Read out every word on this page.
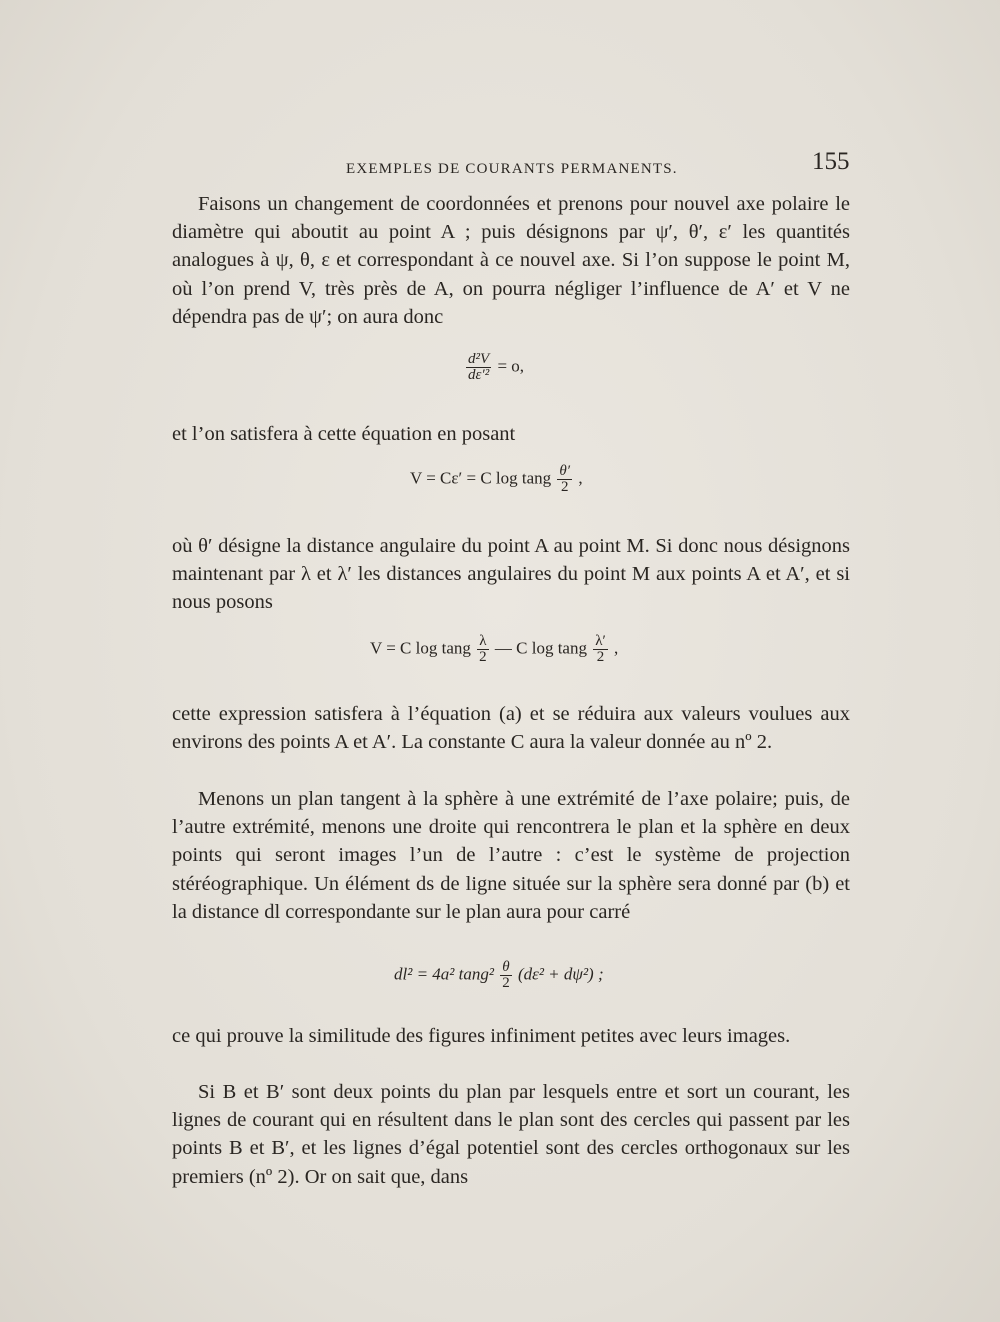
EXEMPLES DE COURANTS PERMANENTS.	155
Faisons un changement de coordonnées et prenons pour nouvel axe polaire le diamètre qui aboutit au point A ; puis désignons par ψ′, θ′, ε′ les quantités analogues à ψ, θ, ε et correspondant à ce nouvel axe. Si l’on suppose le point M, où l’on prend V, très près de A, on pourra négliger l’influence de A′ et V ne dépendra pas de ψ′; on aura donc
$\frac{\text{d²V}}{\text{dε′²}} = o$,
et l’on satisfera à cette équation en posant
V = Cε′ = C log tang $\frac{\theta'}{2}$ ,
où θ′ désigne la distance angulaire du point A au point M. Si donc nous désignons maintenant par λ et λ′ les distances angulaires du point M aux points A et A′, et si nous posons
V = C log tang $\frac{\lambda}{2}$ — C log tang $\frac{\lambda'}{2}$ ,
cette expression satisfera à l’équation (a) et se réduira aux valeurs voulues aux environs des points A et A′. La constante C aura la valeur donnée au nº 2.
Menons un plan tangent à la sphère à une extrémité de l’axe polaire; puis, de l’autre extrémité, menons une droite qui rencontrera le plan et la sphère en deux points qui seront images l’un de l’autre : c’est le système de projection stéréographique. Un élément ds de ligne située sur la sphère sera donné par (b) et la distance dl correspondante sur le plan aura pour carré
dl² = 4a² $\tan g^2 \frac{\theta}{2} (d\varepsilon^2 + d\psi^2)$ ;
ce qui prouve la similitude des figures infiniment petites avec leurs images.
Si B et B′ sont deux points du plan par lesquels entre et sort un courant, les lignes de courant qui en résultent dans le plan sont des cercles qui passent par les points B et B′, et les lignes d’égal potentiel sont des cercles orthogonaux sur les premiers (nº 2). Or on sait que, dans
